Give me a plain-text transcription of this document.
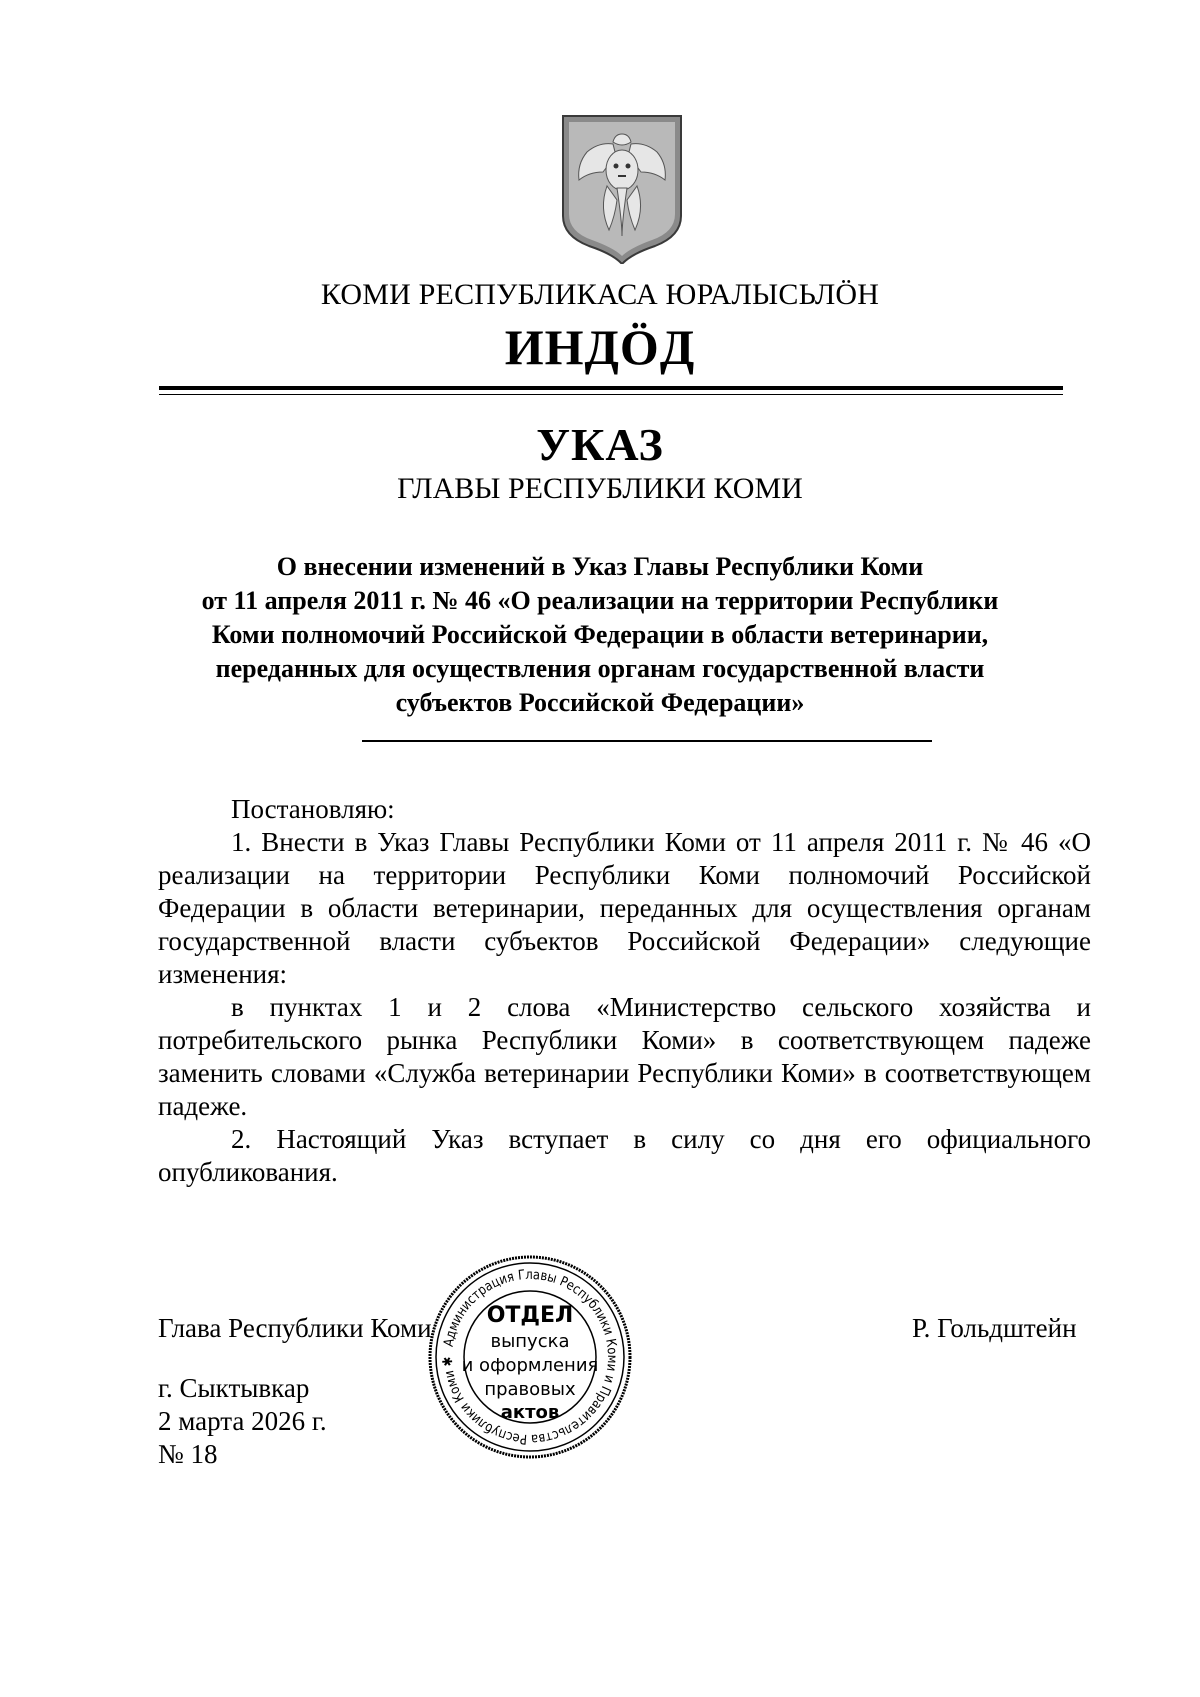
КОМИ РЕСПУБЛИКАСА ЮРАЛЫСЬЛӦН
ИНДӦД
УКАЗ
ГЛАВЫ РЕСПУБЛИКИ КОМИ
О внесении изменений в Указ Главы Республики Коми
от 11 апреля 2011 г. № 46 «О реализации на территории Республики
Коми полномочий Российской Федерации в области ветеринарии,
переданных для осуществления органам государственной власти
субъектов Российской Федерации»
Постановляю:
1. Внести в Указ Главы Республики Коми от 11 апреля 2011 г. № 46 «О реализации на территории Республики Коми полномочий Российской Федерации в области ветеринарии, переданных для осуществления органам государственной власти субъектов Российской Федерации» следующие изменения:
в пунктах 1 и 2 слова «Министерство сельского хозяйства и потребительского рынка Республики Коми» в соответствующем падеже заменить словами «Служба ветеринарии Республики Коми» в соответствующем падеже.
2. Настоящий Указ вступает в силу со дня его официального опубликования.
Глава Республики Коми	Р. Гольдштейн
г. Сыктывкар
2 марта 2026 г.
№ 18
Администрация Главы Республики Коми и Правительства Республики Коми ✱
ОТДЕЛ
выпуска
и оформления
правовых
актов
